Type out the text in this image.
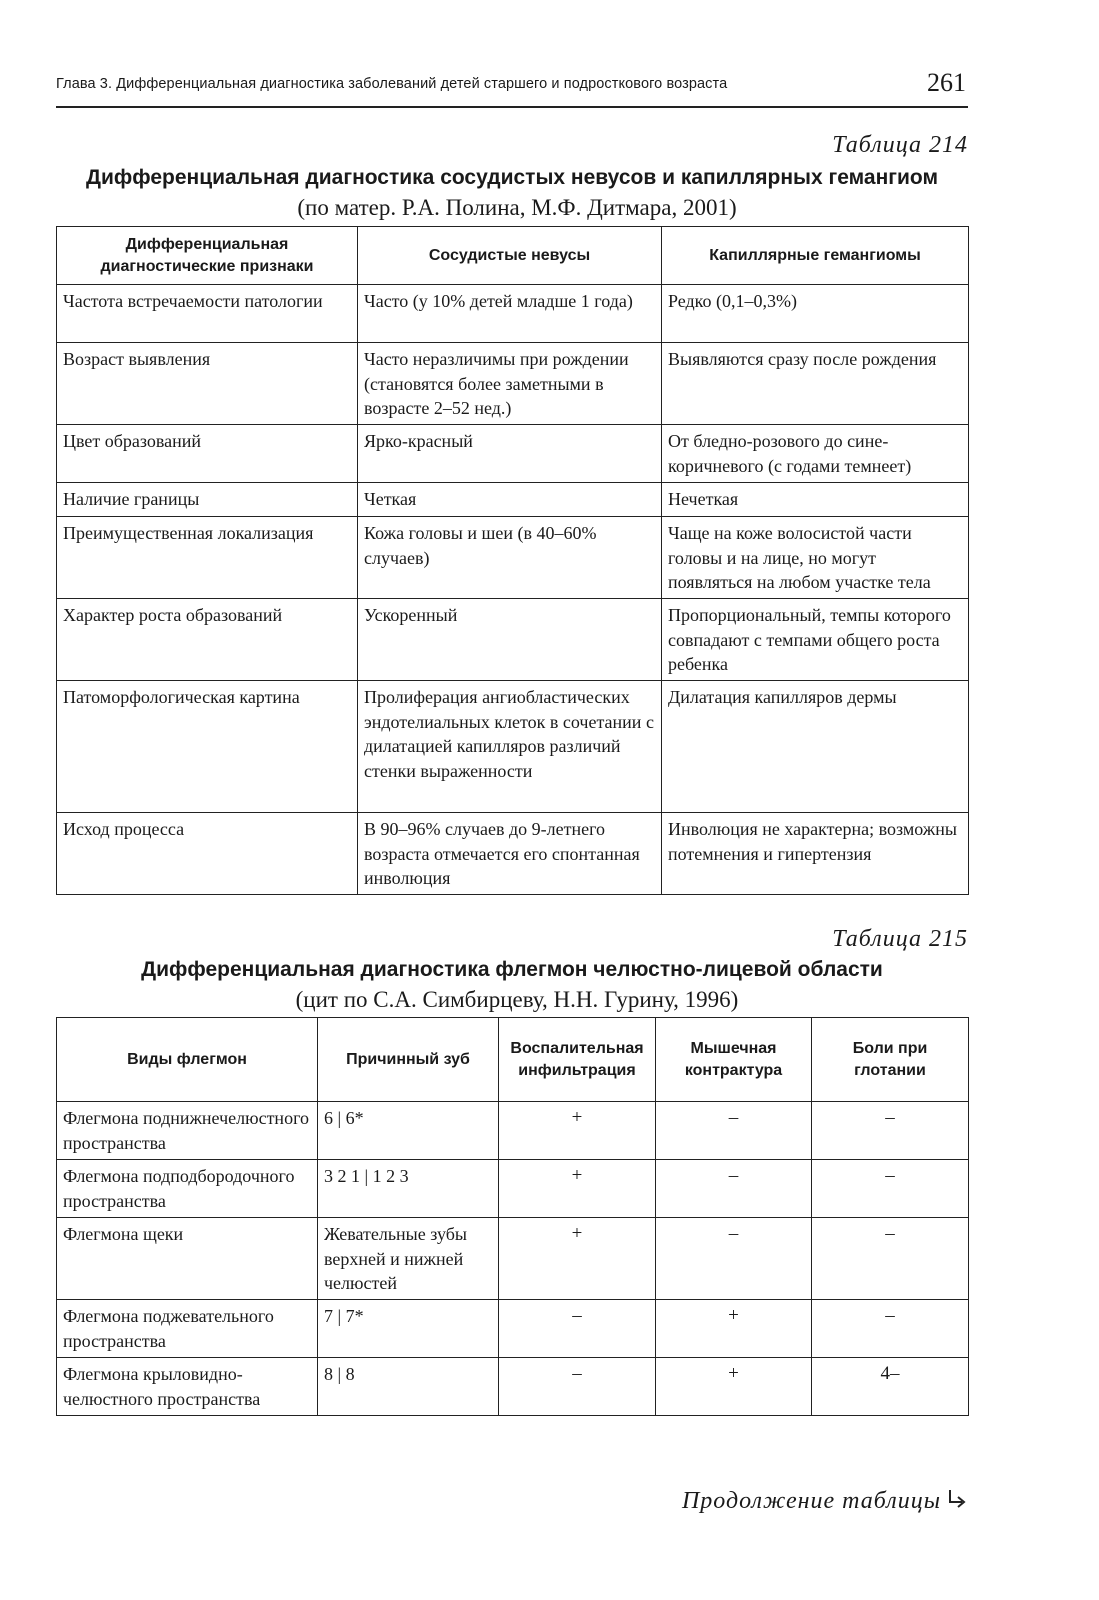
Глава 3. Дифференциальная диагностика заболеваний детей старшего и подросткового возраста	261
Таблица 214
Дифференциальная диагностика сосудистых невусов и капиллярных гемангиом
(по матер. Р.А. Полина, М.Ф. Дитмара, 2001)
Дифференциальная диагностические признаки	Сосудистые невусы	Капиллярные гемангиомы
Частота встречаемости патологии	Часто (у 10% детей младше 1 года)	Редко (0,1–0,3%)
Возраст выявления	Часто неразличимы при рождении (становятся более заметными в возрасте 2–52 нед.)	Выявляются сразу после рождения
Цвет образований	Ярко-красный	От бледно-розового до сине-коричневого (с годами темнеет)
Наличие границы	Четкая	Нечеткая
Преимущественная локализация	Кожа головы и шеи (в 40–60% случаев)	Чаще на коже волосистой части головы и на лице, но могут появляться на любом участке тела
Характер роста образований	Ускоренный	Пропорциональный, темпы которого совпадают с темпами общего роста ребенка
Патоморфологическая картина	Пролиферация ангиобластических эндотелиальных клеток в сочетании с дилатацией капилляров различий стенки выраженности	Дилатация капилляров дермы
Исход процесса	В 90–96% случаев до 9-летнего возраста отмечается его спонтанная инволюция	Инволюция не характерна; возможны потемнения и гипертензия
Таблица 215
Дифференциальная диагностика флегмон челюстно-лицевой области
(цит по С.А. Симбирцеву, Н.Н. Гурину, 1996)
Виды флегмон	Причинный зуб	Воспалительная инфильтрация	Мышечная контрактура	Боли при глотании
Флегмона поднижнечелюстного пространства	6 | 6*	+	–	–
Флегмона подподбородочного пространства	3 2 1 | 1 2 3	+	–	–
Флегмона щеки	Жевательные зубы верхней и нижней челюстей	+	–	–
Флегмона поджевательного пространства	7 | 7*	–	+	–
Флегмона крыловидно-челюстного пространства	8 | 8	–	+	4–
Продолжение таблицы
